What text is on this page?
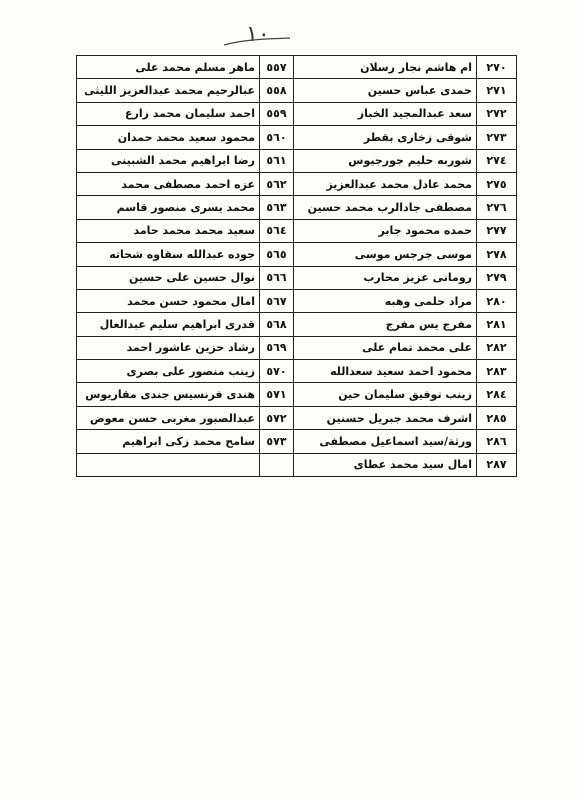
١٠
ماهر مسلم محمد على	٥٥٧	ام هاشم نجار رسلان	٢٧٠
عبالرحيم محمد عبدالعزيز الليثى	٥٥٨	حمدى عباس حسين	٢٧١
احمد سليمان محمد زارع	٥٥٩	سعد عبدالمجيد الخباز	٢٧٢
محمود سعيد محمد حمدان	٥٦٠	شوقى زخارى بقطر	٢٧٣
رضا ابراهيم محمد الشبينى	٥٦١	شوربه حليم جورجيوس	٢٧٤
عزه احمد مصطفى محمد	٥٦٢	محمد عادل محمد عبدالعزيز	٢٧٥
محمد يسرى منصور قاسم	٥٦٣	مصطفى جادالرب محمد حسين	٢٧٦
سعيد محمد محمد حامد	٥٦٤	حمده محمود جابر	٢٧٧
جوده عبدالله سقاوه شحاته	٥٦٥	موسى جرجس موسى	٢٧٨
نوال حسين على حسين	٥٦٦	رومانى عزيز محارب	٢٧٩
امال محمود حسن محمد	٥٦٧	مراد حلمى وهبه	٢٨٠
قدرى ابراهيم سليم عبدالعال	٥٦٨	مفرج يس مفرج	٢٨١
رشاد حزين عاشور احمد	٥٦٩	على محمد تمام على	٢٨٢
زينب منصور على بصرى	٥٧٠	محمود احمد سعيد سعدالله	٢٨٣
هندى فرنسيس جندى مقاريوس	٥٧١	زينب توفيق سليمان حين	٢٨٤
عبدالصبور مغربى حسن معوض	٥٧٢	اشرف محمد جبريل حسنين	٢٨٥
سامح محمد زكى ابراهيم	٥٧٣	ورثة/سيد اسماعيل مصطفى	٢٨٦
		امال سيد محمد عطاى	٢٨٧
